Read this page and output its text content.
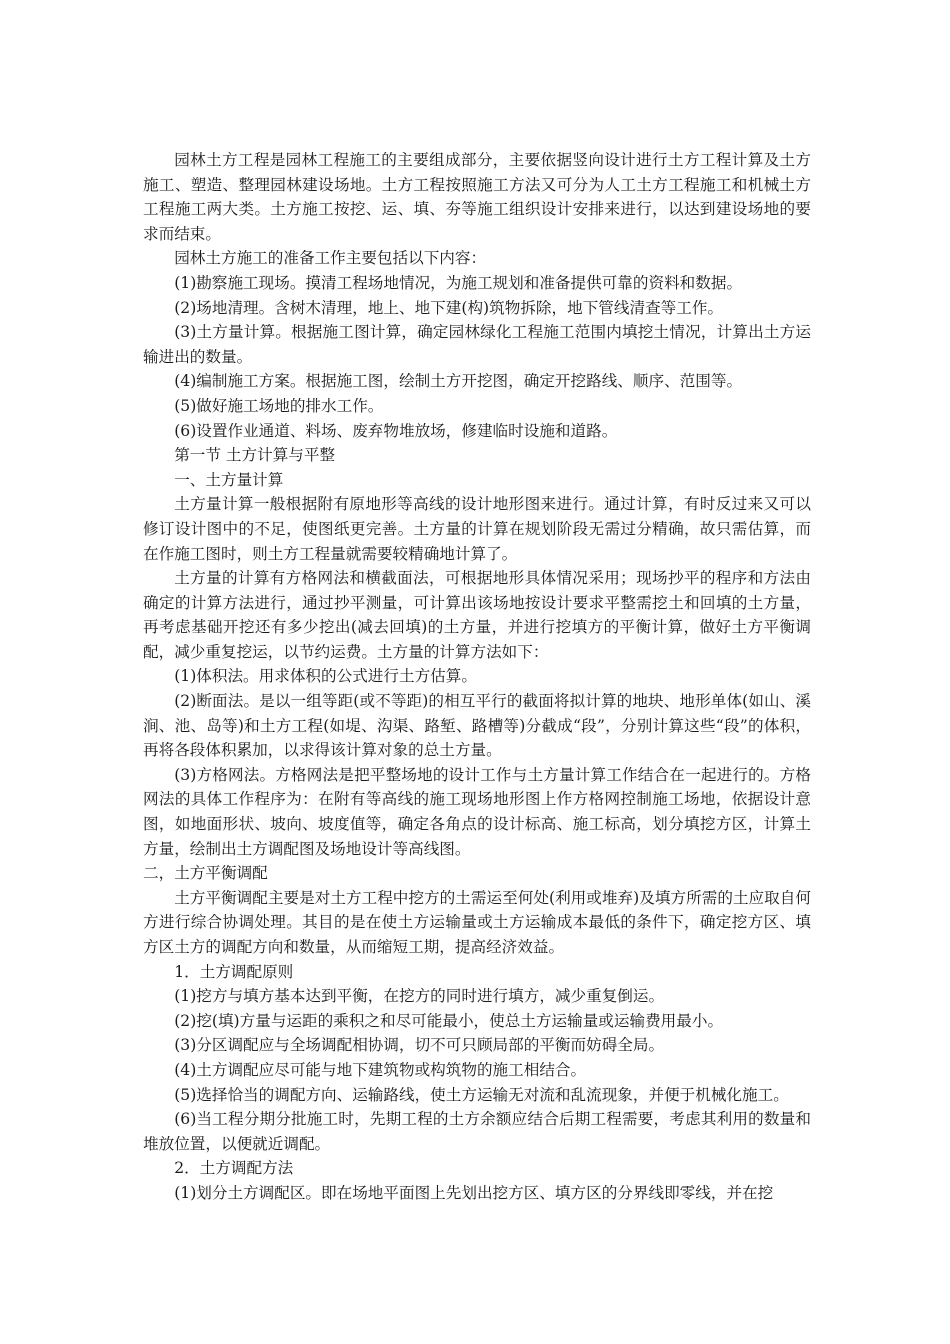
园林土方工程是园林工程施工的主要组成部分，主要依据竖向设计进行土方工程计算及土方施工、塑造、整理园林建设场地。土方工程按照施工方法又可分为人工土方工程施工和机械土方工程施工两大类。土方施工按挖、运、填、夯等施工组织设计安排来进行，以达到建设场地的要求而结束。

园林土方施工的准备工作主要包括以下内容：

(1)勘察施工现场。摸清工程场地情况，为施工规划和准备提供可靠的资料和数据。

(2)场地清理。含树木清理，地上、地下建(构)筑物拆除，地下管线清查等工作。

(3)土方量计算。根据施工图计算，确定园林绿化工程施工范围内填挖土情况，计算出土方运输进出的数量。

(4)编制施工方案。根据施工图，绘制土方开挖图，确定开挖路线、顺序、范围等。

(5)做好施工场地的排水工作。

(6)设置作业通道、料场、废弃物堆放场，修建临时设施和道路。

第一节 土方计算与平整

一、土方量计算

土方量计算一般根据附有原地形等高线的设计地形图来进行。通过计算，有时反过来又可以修订设计图中的不足，使图纸更完善。土方量的计算在规划阶段无需过分精确，故只需估算，而在作施工图时，则土方工程量就需要较精确地计算了。

土方量的计算有方格网法和横截面法，可根据地形具体情况采用；现场抄平的程序和方法由确定的计算方法进行，通过抄平测量，可计算出该场地按设计要求平整需挖土和回填的土方量，再考虑基础开挖还有多少挖出(减去回填)的土方量，并进行挖填方的平衡计算，做好土方平衡调配，减少重复挖运，以节约运费。土方量的计算方法如下：

(1)体积法。用求体积的公式进行土方估算。

(2)断面法。是以一组等距(或不等距)的相互平行的截面将拟计算的地块、地形单体(如山、溪涧、池、岛等)和土方工程(如堤、沟渠、路堑、路槽等)分截成“段”，分别计算这些“段”的体积，再将各段体积累加，以求得该计算对象的总土方量。

(3)方格网法。方格网法是把平整场地的设计工作与土方量计算工作结合在一起进行的。方格网法的具体工作程序为：在附有等高线的施工现场地形图上作方格网控制施工场地，依据设计意图，如地面形状、坡向、坡度值等，确定各角点的设计标高、施工标高，划分填挖方区，计算土方量，绘制出土方调配图及场地设计等高线图。

二，土方平衡调配

土方平衡调配主要是对土方工程中挖方的土需运至何处(利用或堆弃)及填方所需的土应取自何方进行综合协调处理。其目的是在使土方运输量或土方运输成本最低的条件下，确定挖方区、填方区土方的调配方向和数量，从而缩短工期，提高经济效益。

1．土方调配原则

(1)挖方与填方基本达到平衡，在挖方的同时进行填方，减少重复倒运。

(2)挖(填)方量与运距的乘积之和尽可能最小，使总土方运输量或运输费用最小。

(3)分区调配应与全场调配相协调，切不可只顾局部的平衡而妨碍全局。

(4)土方调配应尽可能与地下建筑物或构筑物的施工相结合。

(5)选择恰当的调配方向、运输路线，使土方运输无对流和乱流现象，并便于机械化施工。

(6)当工程分期分批施工时，先期工程的土方余额应结合后期工程需要，考虑其利用的数量和堆放位置，以便就近调配。

2．土方调配方法

(1)划分土方调配区。即在场地平面图上先划出挖方区、填方区的分界线即零线，并在挖
